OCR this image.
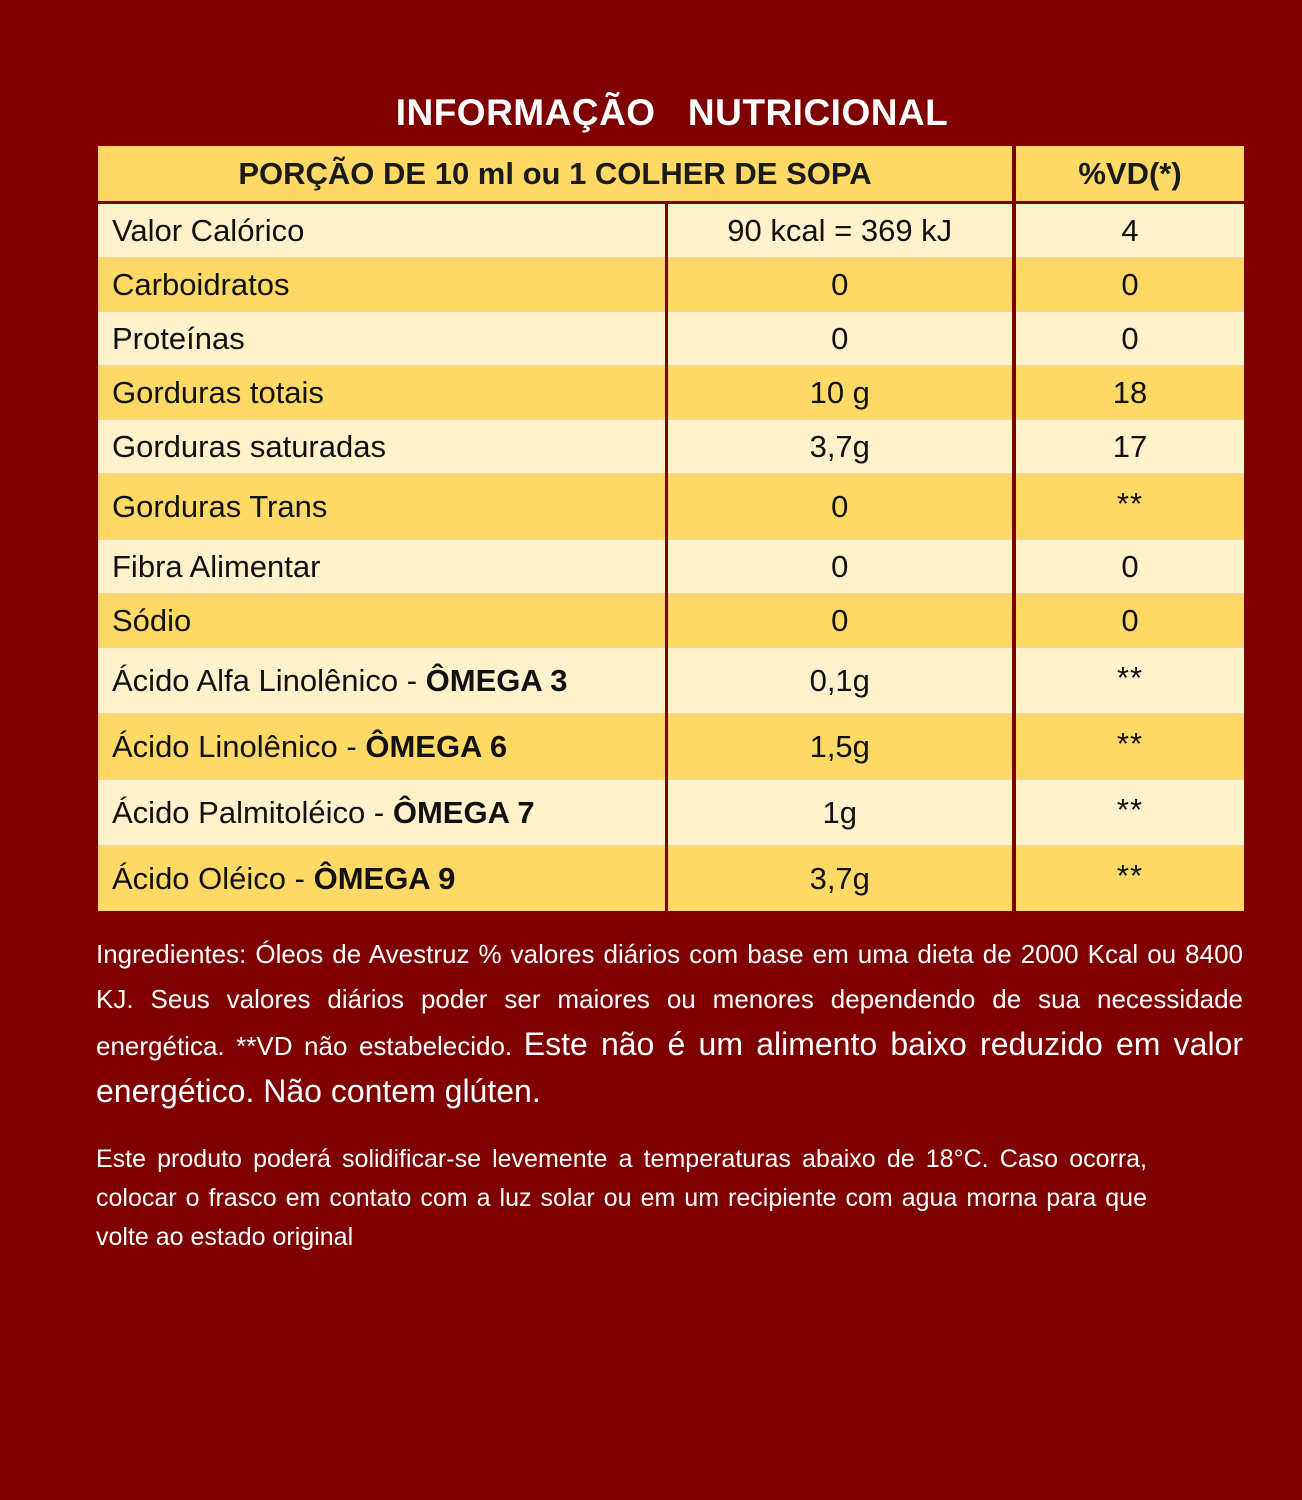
INFORMAÇÃO   NUTRICIONAL
PORÇÃO DE 10 ml ou 1 COLHER DE SOPA		%VD(*)
Valor Calórico	90 kcal = 369 kJ	4
Carboidratos	0	0
Proteínas	0	0
Gorduras totais	10 g	18
Gorduras saturadas	3,7g	17
Gorduras Trans	0	**
Fibra Alimentar	0	0
Sódio	0	0
Ácido Alfa Linolênico - ÔMEGA 3	0,1g	**
Ácido Linolênico - ÔMEGA 6	1,5g	**
Ácido Palmitoléico - ÔMEGA 7	1g	**
Ácido Oléico - ÔMEGA 9	3,7g	**
Ingredientes: Óleos de Avestruz % valores diários com base em uma dieta de 2000 Kcal ou 8400 KJ. Seus valores diários poder ser maiores ou menores dependendo de sua necessidade energética. **VD não estabelecido. Este não é um alimento baixo reduzido em valor energético. Não contem glúten.
Este produto poderá solidificar-se levemente a temperaturas abaixo de 18°C. Caso ocorra, colocar o frasco em contato com a luz solar ou em um recipiente com agua morna para que volte ao estado original
